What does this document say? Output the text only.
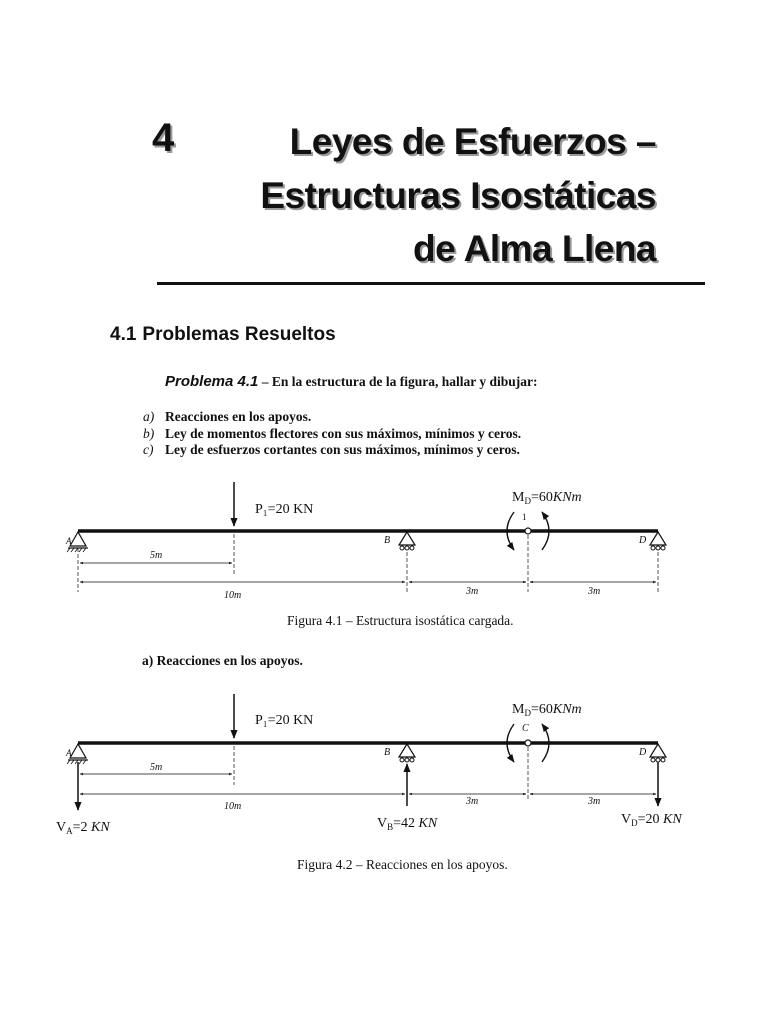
4	Leyes de Esfuerzos –
Estructuras Isostáticas
de Alma Llena
4.1 Problemas Resueltos
Problema 4.1 – En la estructura de la figura, hallar y dibujar:
a) Reacciones en los apoyos.
b) Ley de momentos flectores con sus máximos, mínimos y ceros.
c) Ley de esfuerzos cortantes con sus máximos, mínimos y ceros.
P₁=20 KN
A	B	D
1
$M_D=60KNm$
5m
10m	3m	3m
P₁=20 KN
A	B	D
C
$M_D=60KNm$
$V_A=2$ KN	$V_B=42$ KN	$V_D=20$ KN
5m
10m	3m	3m
Figura 4.1 – Estructura isostática cargada.
a) Reacciones en los apoyos.
Figura 4.2 – Reacciones en los apoyos.
